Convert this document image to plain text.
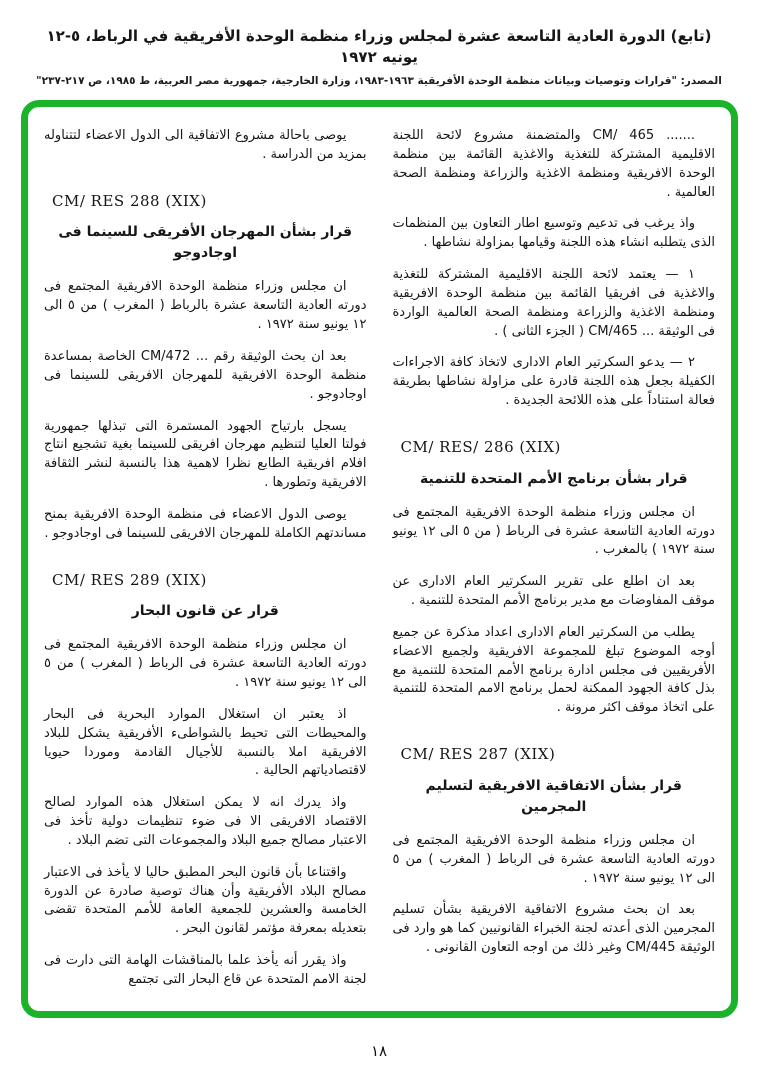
(تابع) الدورة العادية التاسعة عشرة لمجلس وزراء منظمة الوحدة الأفريقية في الرباط، ٥-١٢ يونيه ١٩٧٢
المصدر: "قرارات وتوصيات وبيانات منظمة الوحدة الأفريقية ١٩٦٣-١٩٨٣، وزارة الخارجية، جمهورية مصر العربية، ط ١٩٨٥، ص ٢١٧-٢٣٧"
....... CM/ 465 والمتضمنة مشروع لائحة اللجنة الاقليمية المشتركة للتغذية والاغذية القائمة بين منظمة الوحدة الافريقية ومنظمة الاغذية والزراعة ومنظمة الصحة العالمية .
واذ يرغب فى تدعيم وتوسيع اطار التعاون بين المنظمات الذى يتطلبه انشاء هذه اللجنة وقيامها بمزاولة نشاطها .
١ — يعتمد لائحة اللجنة الاقليمية المشتركة للتغذية والاغذية فى افريقيا القائمة بين منظمة الوحدة الافريقية ومنظمة الاغذية والزراعة ومنظمة الصحة العالمية الواردة فى الوثيقة ... CM/465 ( الجزء الثانى ) .
٢ — يدعو السكرتير العام الادارى لاتخاذ كافة الاجراءات الكفيلة بجعل هذه اللجنة قادرة على مزاولة نشاطها بطريقة فعالة استناداً على هذه اللائحة الجديدة .
CM/ RES/ 286 (XIX)
قرار بشأن برنامج الأمم المتحدة للتنمية
ان مجلس وزراء منظمة الوحدة الافريقية المجتمع فى دورته العادية التاسعة عشرة فى الرباط ( من ٥ الى ١٢ يونيو سنة ١٩٧٢ ) بالمغرب .
بعد ان اطلع على تقرير السكرتير العام الادارى عن موقف المفاوضات مع مدير برنامج الأمم المتحدة للتنمية .
يطلب من السكرتير العام الادارى اعداد مذكرة عن جميع أوجه الموضوع تبلغ للمجموعة الافريقية ولجميع الاعضاء الأفريقيين فى مجلس ادارة برنامج الأمم المتحدة للتنمية مع بذل كافة الجهود الممكنة لحمل برنامج الامم المتحدة للتنمية على اتخاذ موقف اكثر مرونة .
CM/ RES 287 (XIX)
قرار بشأن الاتفاقية الافريقية لتسليم المجرمين
ان مجلس وزراء منظمة الوحدة الافريقية المجتمع فى دورته العادية التاسعة عشرة فى الرباط ( المغرب ) من ٥ الى ١٢ يونيو سنة ١٩٧٢ .
بعد ان بحث مشروع الاتفاقية الافريقية بشأن تسليم المجرمين الذى أعدته لجنة الخبراء القانونيين كما هو وارد فى الوثيقة CM/445 وغير ذلك من اوجه التعاون القانونى .
يوصى باحالة مشروع الاتفاقية الى الدول الاعضاء لتتناوله بمزيد من الدراسة .
CM/ RES 288 (XIX)
قرار بشأن المهرجان الأفريقى للسينما فى اوجادوجو
ان مجلس وزراء منظمة الوحدة الافريقية المجتمع فى دورته العادية التاسعة عشرة بالرباط ( المغرب ) من ٥ الى ١٢ يونيو سنة ١٩٧٢ .
بعد ان بحث الوثيقة رقم ... CM/472 الخاصة بمساعدة منظمة الوحدة الافريقية للمهرجان الافريقى للسينما فى اوجادوجو .
يسجل بارتياح الجهود المستمرة التى تبذلها جمهورية فولتا العليا لتنظيم مهرجان افريقى للسينما بغية تشجيع انتاج افلام افريقية الطابع نظرا لاهمية هذا بالنسبة لنشر الثقافة الافريقية وتطورها .
يوصى الدول الاعضاء فى منظمة الوحدة الافريقية بمنح مساندتهم الكاملة للمهرجان الافريقى للسينما فى اوجادوجو .
CM/ RES 289 (XIX)
قرار عن قانون البحار
ان مجلس وزراء منظمة الوحدة الافريقية المجتمع فى دورته العادية التاسعة عشرة فى الرباط ( المغرب ) من ٥ الى ١٢ يونيو سنة ١٩٧٢ .
اذ يعتبر ان استغلال الموارد البحرية فى البحار والمحيطات التى تحيط بالشواطىء الأفريقية يشكل للبلاد الافريقية املا بالنسبة للأجيال القادمة وموردا حيويا لاقتصادياتهم الحالية .
واذ يدرك انه لا يمكن استغلال هذه الموارد لصالح الاقتصاد الافريقى الا فى ضوء تنظيمات دولية تأخذ فى الاعتبار مصالح جميع البلاد والمجموعات التى تضم البلاد .
واقتناعا بأن قانون البحر المطبق حاليا لا يأخذ فى الاعتبار مصالح البلاد الأفريقية وأن هناك توصية صادرة عن الدورة الخامسة والعشرين للجمعية العامة للأمم المتحدة تقضى بتعديله بمعرفة مؤتمر لقانون البحر .
واذ يقرر أنه يأخذ علما بالمناقشات الهامة التى دارت فى لجنة الامم المتحدة عن قاع البحار التى تجتمع
١٨
